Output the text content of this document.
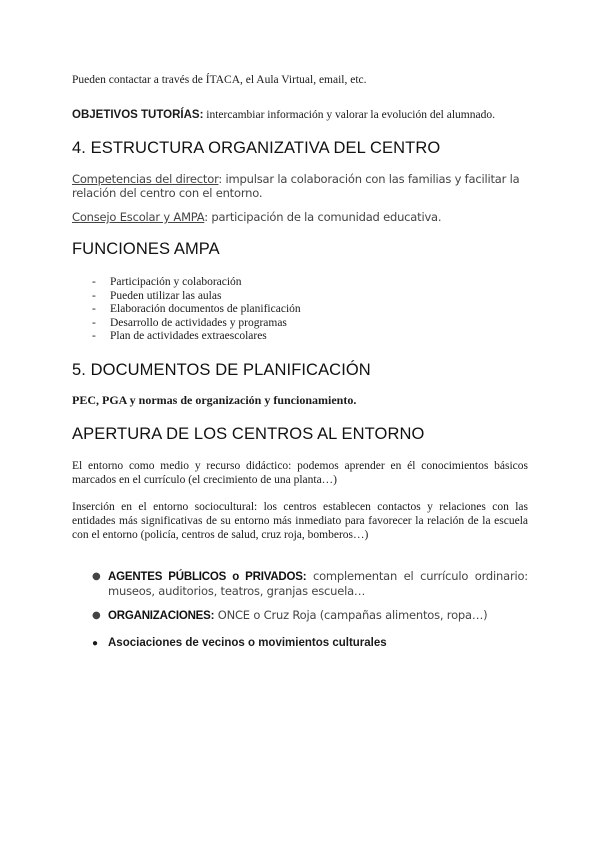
Pueden contactar a través de ÍTACA, el Aula Virtual, email, etc.

OBJETIVOS TUTORÍAS: intercambiar información y valorar la evolución del alumnado.

4. ESTRUCTURA ORGANIZATIVA DEL CENTRO

Competencias del director: impulsar la colaboración con las familias y facilitar la relación del centro con el entorno.

Consejo Escolar y AMPA: participación de la comunidad educativa.

FUNCIONES AMPA
- Participación y colaboración
- Pueden utilizar las aulas
- Elaboración documentos de planificación
- Desarrollo de actividades y programas
- Plan de actividades extraescolares
5. DOCUMENTOS DE PLANIFICACIÓN

PEC, PGA y normas de organización y funcionamiento.

APERTURA DE LOS CENTROS AL ENTORNO

El entorno como medio y recurso didáctico: podemos aprender en él conocimientos básicos marcados en el currículo (el crecimiento de una planta…)

Inserción en el entorno sociocultural: los centros establecen contactos y relaciones con las entidades más significativas de su entorno más inmediato para favorecer la relación de la escuela con el entorno (policía, centros de salud, cruz roja, bomberos…)

● AGENTES PÚBLICOS o PRIVADOS: complementan el currículo ordinario: museos, auditorios, teatros, granjas escuela…
● ORGANIZACIONES: ONCE o Cruz Roja (campañas alimentos, ropa…)
● Asociaciones de vecinos o movimientos culturales
